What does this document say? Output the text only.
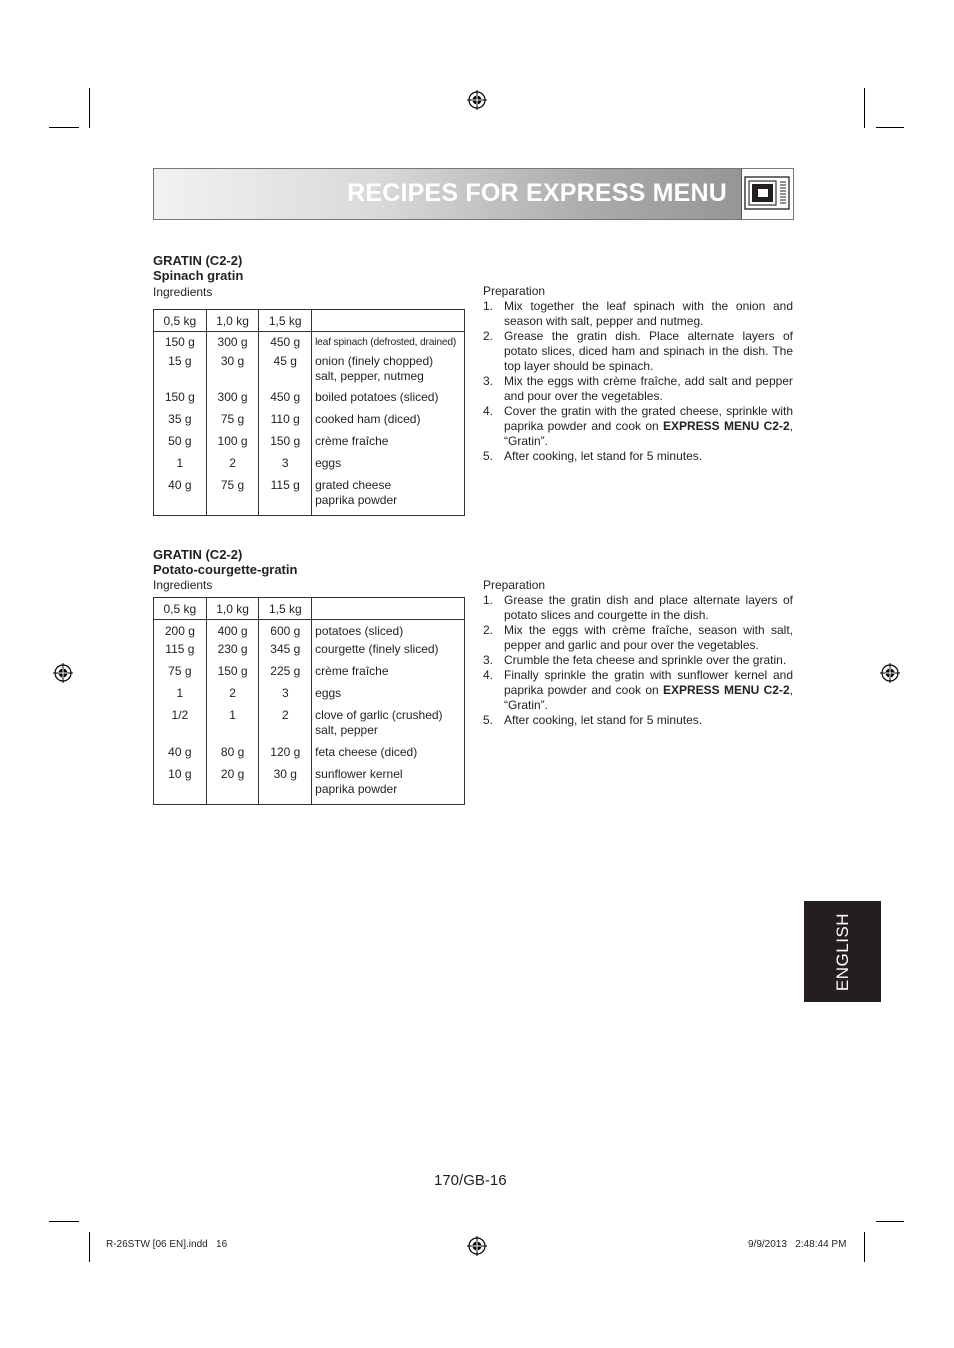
RECIPES FOR EXPRESS MENU
GRATIN (C2-2)
Spinach gratin
Ingredients
0,5 kg	1,0 kg	1,5 kg	

150 g	300 g	450 g	leaf spinach (defrosted, drained)

15 g	30 g	45 g	onion (finely chopped)
salt, pepper, nutmeg

150 g	300 g	450 g	boiled potatoes (sliced)

35 g	75 g	110 g	cooked ham (diced)

50 g	100 g	150 g	crème fraîche

1	2	3	eggs

40 g	75 g	115 g	grated cheese
paprika powder
Preparation
1. Mix together the leaf spinach with the onion and season with salt, pepper and nutmeg.
2. Grease the gratin dish. Place alternate layers of potato slices, diced ham and spinach in the dish. The top layer should be spinach.
3. Mix the eggs with crème fraîche, add salt and pepper and pour over the vegetables.
4. Cover the gratin with the grated cheese, sprinkle with paprika powder and cook on EXPRESS MENU C2-2, “Gratin”.
5. After cooking, let stand for 5 minutes.
GRATIN (C2-2)
Potato-courgette-gratin
Ingredients
0,5 kg	1,0 kg	1,5 kg	

200 g	400 g	600 g	potatoes (sliced)

115 g	230 g	345 g	courgette (finely sliced)

75 g	150 g	225 g	crème fraîche

1	2	3	eggs

1/2	1	2	clove of garlic (crushed)
salt, pepper

40 g	80 g	120 g	feta cheese (diced)

10 g	20 g	30 g	sunflower kernel
paprika powder
Preparation
1. Grease the gratin dish and place alternate layers of potato slices and courgette in the dish.
2. Mix the eggs with crème fraîche, season with salt, pepper and garlic and pour over the vegetables.
3. Crumble the feta cheese and sprinkle over the gratin.
4. Finally sprinkle the gratin with sunflower kernel and paprika powder and cook on EXPRESS MENU C2-2, “Gratin”.
5. After cooking, let stand for 5 minutes.
ENGLISH
170/GB-16
R-26STW [06 EN].indd   16	9/9/2013   2:48:44 PM
